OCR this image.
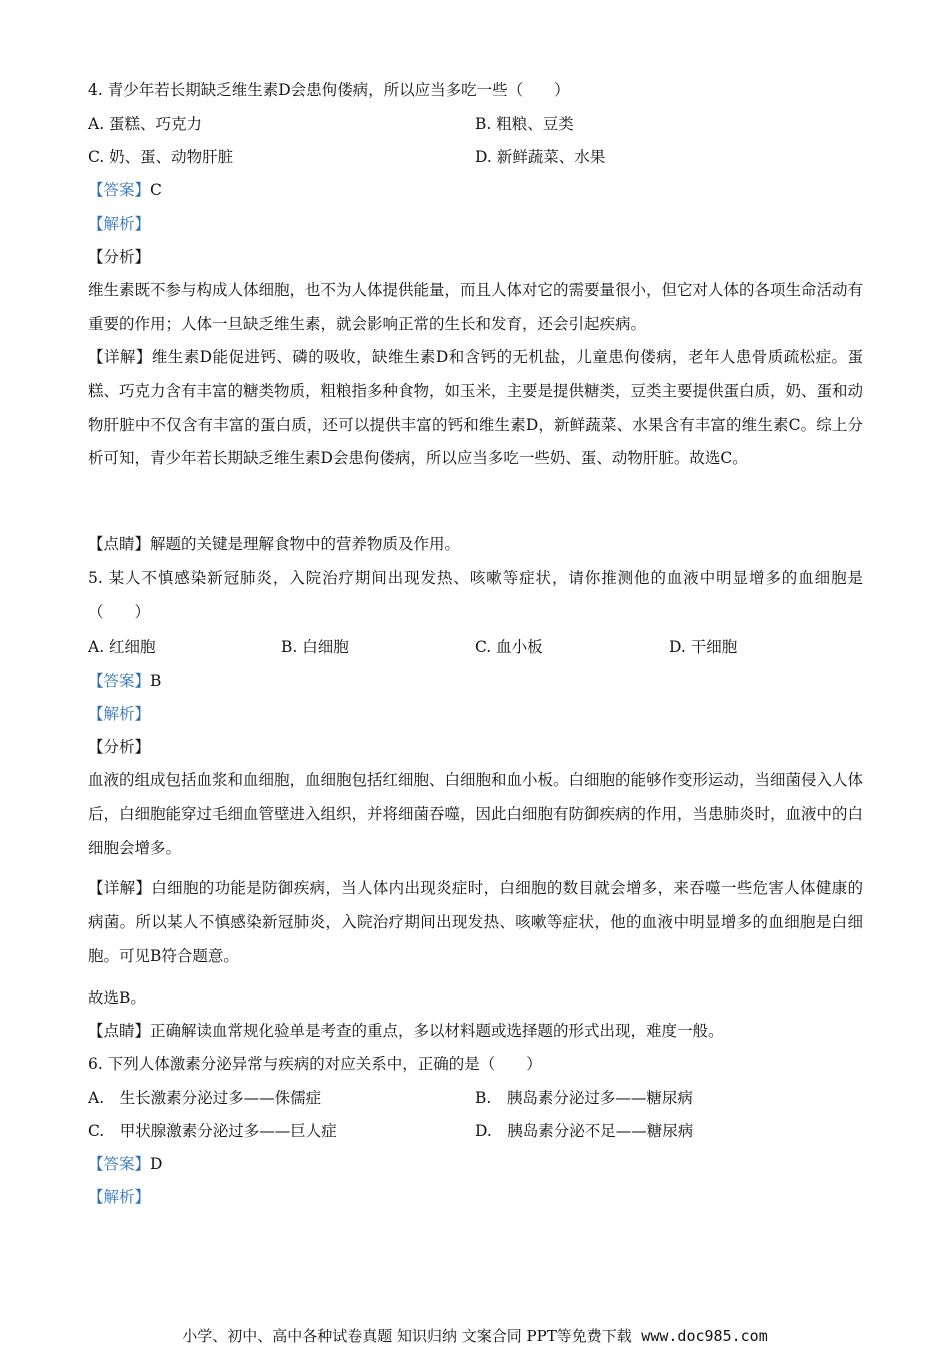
4. 青少年若长期缺乏维生素D会患佝偻病，所以应当多吃一些（　　）
A. 蛋糕、巧克力	B. 粗粮、豆类
C. 奶、蛋、动物肝脏	D. 新鲜蔬菜、水果
【答案】C
【解析】
【分析】
维生素既不参与构成人体细胞，也不为人体提供能量，而且人体对它的需要量很小，但它对人体的各项生命活动有重要的作用；人体一旦缺乏维生素，就会影响正常的生长和发育，还会引起疾病。
【详解】维生素D能促进钙、磷的吸收，缺维生素D和含钙的无机盐，儿童患佝偻病，老年人患骨质疏松症。蛋糕、巧克力含有丰富的糖类物质，粗粮指多种食物，如玉米，主要是提供糖类，豆类主要提供蛋白质，奶、蛋和动物肝脏中不仅含有丰富的蛋白质，还可以提供丰富的钙和维生素D，新鲜蔬菜、水果含有丰富的维生素C。综上分析可知，青少年若长期缺乏维生素D会患佝偻病，所以应当多吃一些奶、蛋、动物肝脏。故选C。
【点睛】解题的关键是理解食物中的营养物质及作用。
5. 某人不慎感染新冠肺炎，入院治疗期间出现发热、咳嗽等症状，请你推测他的血液中明显增多的血细胞是（　　）
A. 红细胞	B. 白细胞	C. 血小板	D. 干细胞
【答案】B
【解析】
【分析】
血液的组成包括血浆和血细胞，血细胞包括红细胞、白细胞和血小板。白细胞的能够作变形运动，当细菌侵入人体后，白细胞能穿过毛细血管壁进入组织，并将细菌吞噬，因此白细胞有防御疾病的作用，当患肺炎时，血液中的白细胞会增多。
【详解】白细胞的功能是防御疾病，当人体内出现炎症时，白细胞的数目就会增多，来吞噬一些危害人体健康的病菌。所以某人不慎感染新冠肺炎，入院治疗期间出现发热、咳嗽等症状，他的血液中明显增多的血细胞是白细胞。可见B符合题意。
故选B。
【点睛】正确解读血常规化验单是考查的重点，多以材料题或选择题的形式出现，难度一般。
6. 下列人体激素分泌异常与疾病的对应关系中，正确的是（　　）
A.　生长激素分泌过多——侏儒症	B.　胰岛素分泌过多——糖尿病
C.　甲状腺激素分泌过多——巨人症	D.　胰岛素分泌不足——糖尿病
【答案】D
【解析】
小学、初中、高中各种试卷真题 知识归纳 文案合同 PPT等免费下载 www.doc985.com
